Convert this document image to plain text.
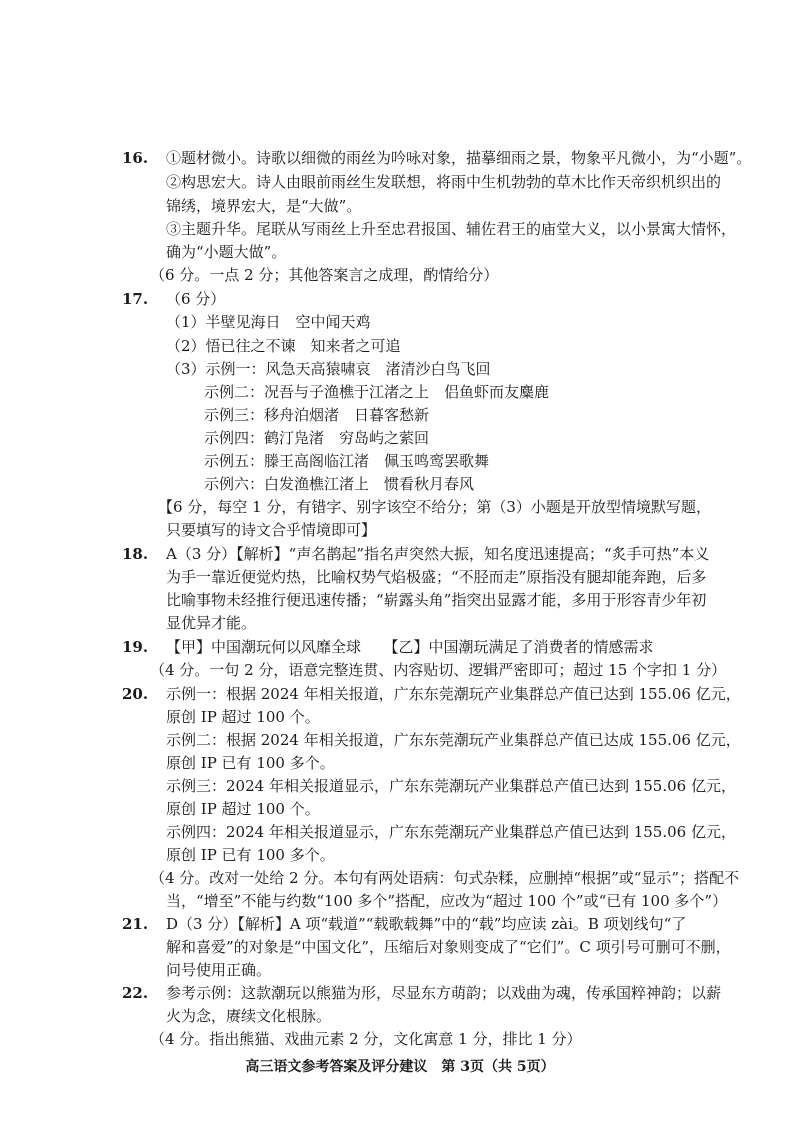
16.	①题材微小。诗歌以细微的雨丝为吟咏对象，描摹细雨之景，物象平凡微小，为“小题”。
②构思宏大。诗人由眼前雨丝生发联想，将雨中生机勃勃的草木比作天帝织机织出的
锦绣，境界宏大，是“大做”。
③主题升华。尾联从写雨丝上升至忠君报国、辅佐君王的庙堂大义，以小景寓大情怀，
确为“小题大做”。
（6 分。一点 2 分；其他答案言之成理，酌情给分）
17.	（6 分）
（1）半壁见海日　空中闻天鸡
（2）悟已往之不谏　知来者之可追
（3）示例一：风急天高猿啸哀　渚清沙白鸟飞回
示例二：况吾与子渔樵于江渚之上　侣鱼虾而友麋鹿
示例三：移舟泊烟渚　日暮客愁新
示例四：鹤汀凫渚　穷岛屿之萦回
示例五：滕王高阁临江渚　佩玉鸣鸾罢歌舞
示例六：白发渔樵江渚上　惯看秋月春风
【6 分，每空 1 分，有错字、别字该空不给分；第（3）小题是开放型情境默写题，
只要填写的诗文合乎情境即可】
18.	A（3 分）【解析】“声名鹊起”指名声突然大振，知名度迅速提高；“炙手可热”本义
为手一靠近便觉灼热，比喻权势气焰极盛；“不胫而走”原指没有腿却能奔跑，后多
比喻事物未经推行便迅速传播；“崭露头角”指突出显露才能，多用于形容青少年初
显优异才能。
19.	【甲】中国潮玩何以风靡全球　　【乙】中国潮玩满足了消费者的情感需求
（4 分。一句 2 分，语意完整连贯、内容贴切、逻辑严密即可；超过 15 个字扣 1 分）
20.	示例一：根据 2024 年相关报道，广东东莞潮玩产业集群总产值已达到 155.06 亿元，
原创 IP 超过 100 个。
示例二：根据 2024 年相关报道，广东东莞潮玩产业集群总产值已达成 155.06 亿元，
原创 IP 已有 100 多个。
示例三：2024 年相关报道显示，广东东莞潮玩产业集群总产值已达到 155.06 亿元，
原创 IP 超过 100 个。
示例四：2024 年相关报道显示，广东东莞潮玩产业集群总产值已达到 155.06 亿元，
原创 IP 已有 100 多个。
（4 分。改对一处给 2 分。本句有两处语病：句式杂糅，应删掉“根据”或“显示”；搭配不
当，“增至”不能与约数“100 多个”搭配，应改为“超过 100 个”或“已有 100 多个”）
21.	D（3 分）【解析】A 项“载道”“载歌载舞”中的“载”均应读 zài。B 项划线句“了
解和喜爱”的对象是“中国文化”，压缩后对象则变成了“它们”。C 项引号可删可不删，
问号使用正确。
22.	参考示例：这款潮玩以熊猫为形，尽显东方萌韵；以戏曲为魂，传承国粹神韵；以薪
火为念，赓续文化根脉。
（4 分。指出熊猫、戏曲元素 2 分，文化寓意 1 分，排比 1 分）
高三语文参考答案及评分建议　第 3页（共 5页）
